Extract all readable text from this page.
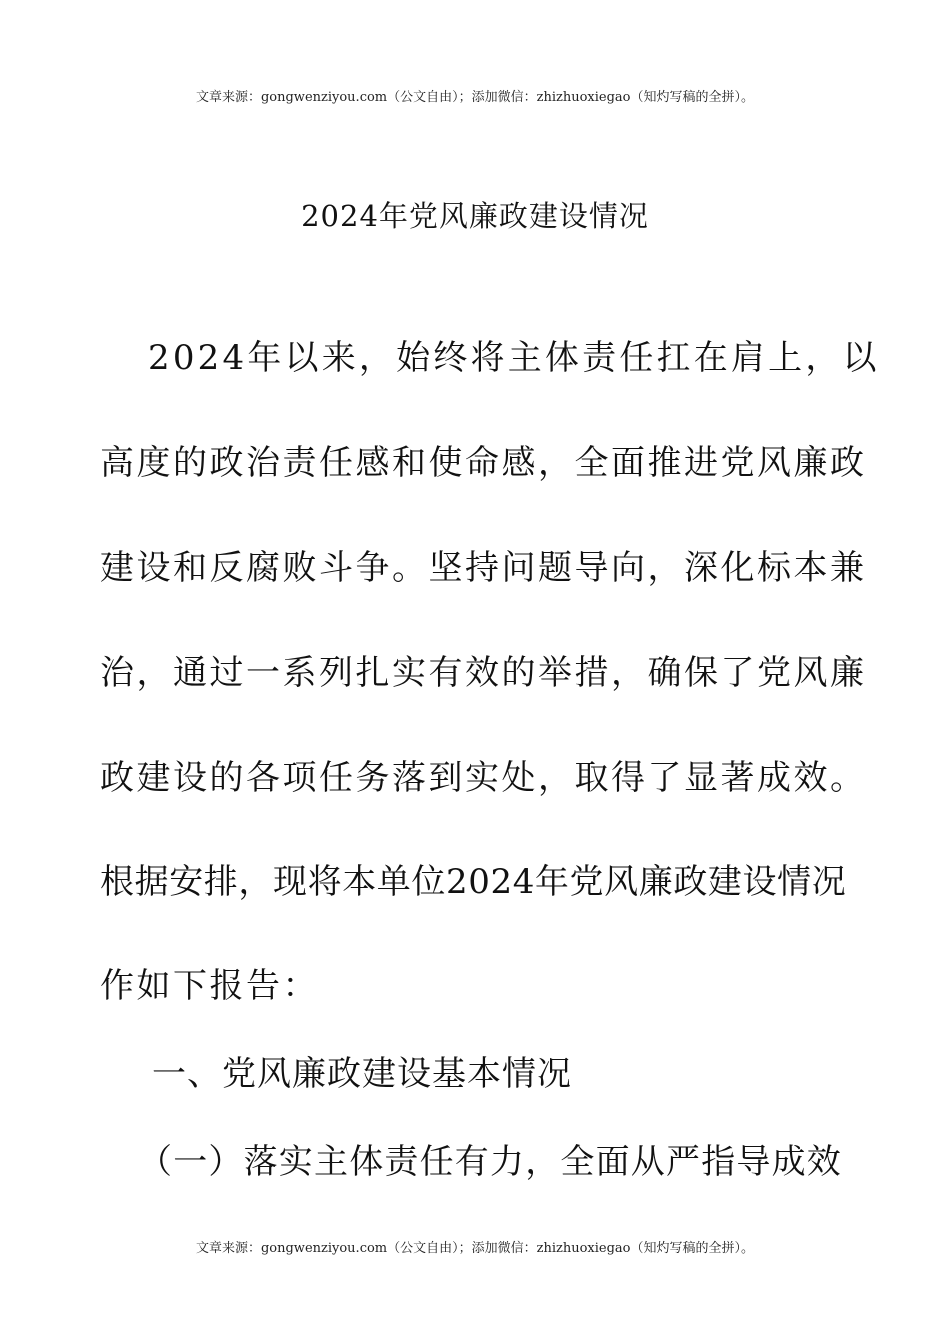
文章来源：gongwenziyou.com（公文自由）；添加微信：zhizhuoxiegao（知灼写稿的全拼）。
2024年党风廉政建设情况
2024年以来，始终将主体责任扛在肩上，以
高度的政治责任感和使命感，全面推进党风廉政
建设和反腐败斗争。坚持问题导向，深化标本兼
治，通过一系列扎实有效的举措，确保了党风廉
政建设的各项任务落到实处，取得了显著成效。
根据安排，现将本单位2024年党风廉政建设情况
作如下报告：
一、党风廉政建设基本情况
（一）落实主体责任有力，全面从严指导成效
文章来源：gongwenziyou.com（公文自由）；添加微信：zhizhuoxiegao（知灼写稿的全拼）。
